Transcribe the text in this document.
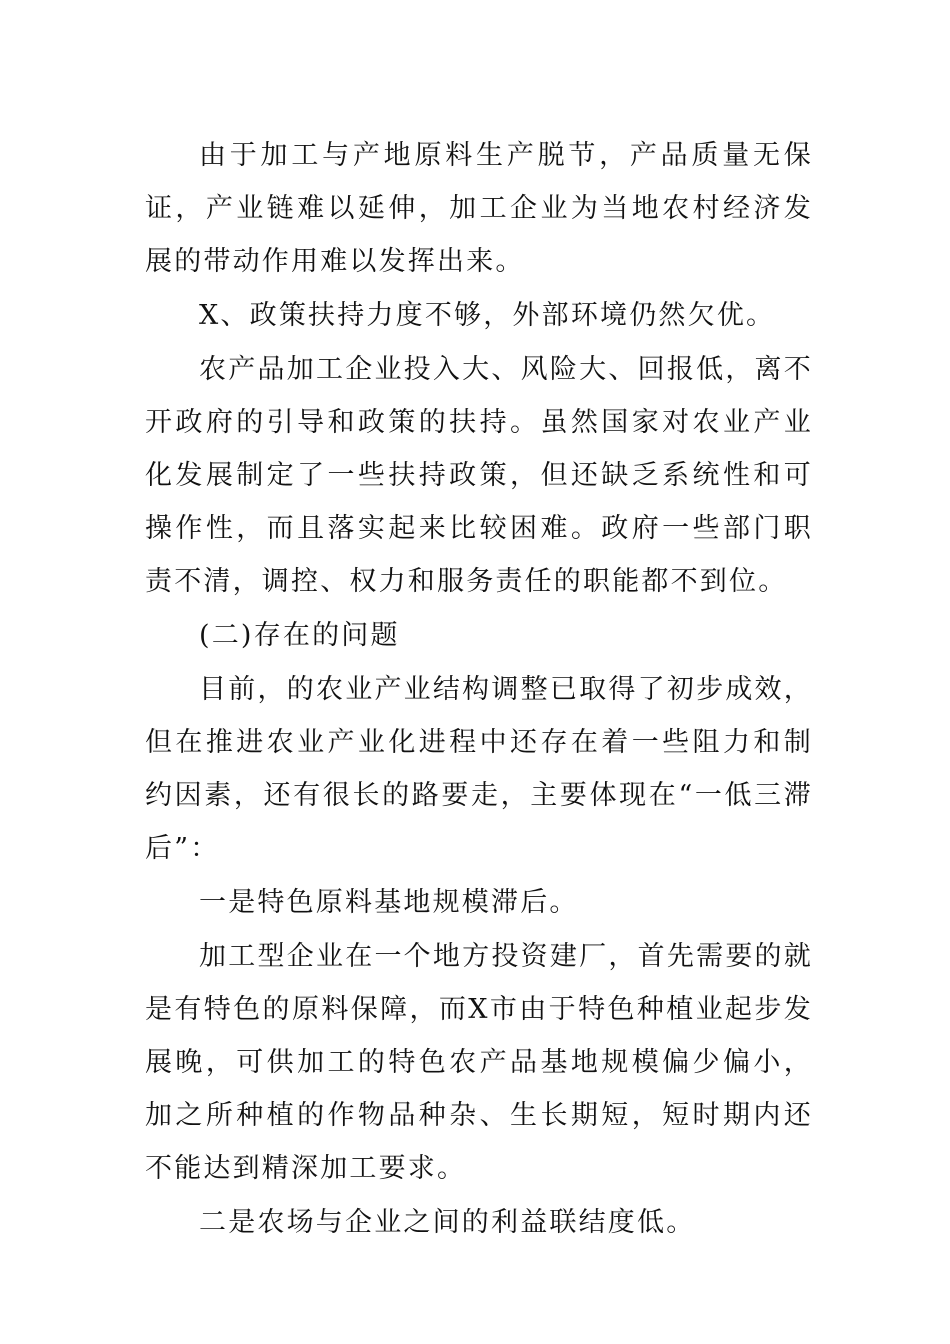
由于加工与产地原料生产脱节，产品质量无保证，产业链难以延伸，加工企业为当地农村经济发展的带动作用难以发挥出来。

X、政策扶持力度不够，外部环境仍然欠优。

农产品加工企业投入大、风险大、回报低，离不开政府的引导和政策的扶持。虽然国家对农业产业化发展制定了一些扶持政策，但还缺乏系统性和可操作性，而且落实起来比较困难。政府一些部门职责不清，调控、权力和服务责任的职能都不到位。

(二)存在的问题

目前，的农业产业结构调整已取得了初步成效，但在推进农业产业化进程中还存在着一些阻力和制约因素，还有很长的路要走，主要体现在“一低三滞后”：

一是特色原料基地规模滞后。

加工型企业在一个地方投资建厂，首先需要的就是有特色的原料保障，而X市由于特色种植业起步发展晚，可供加工的特色农产品基地规模偏少偏小，加之所种植的作物品种杂、生长期短，短时期内还不能达到精深加工要求。

二是农场与企业之间的利益联结度低。
